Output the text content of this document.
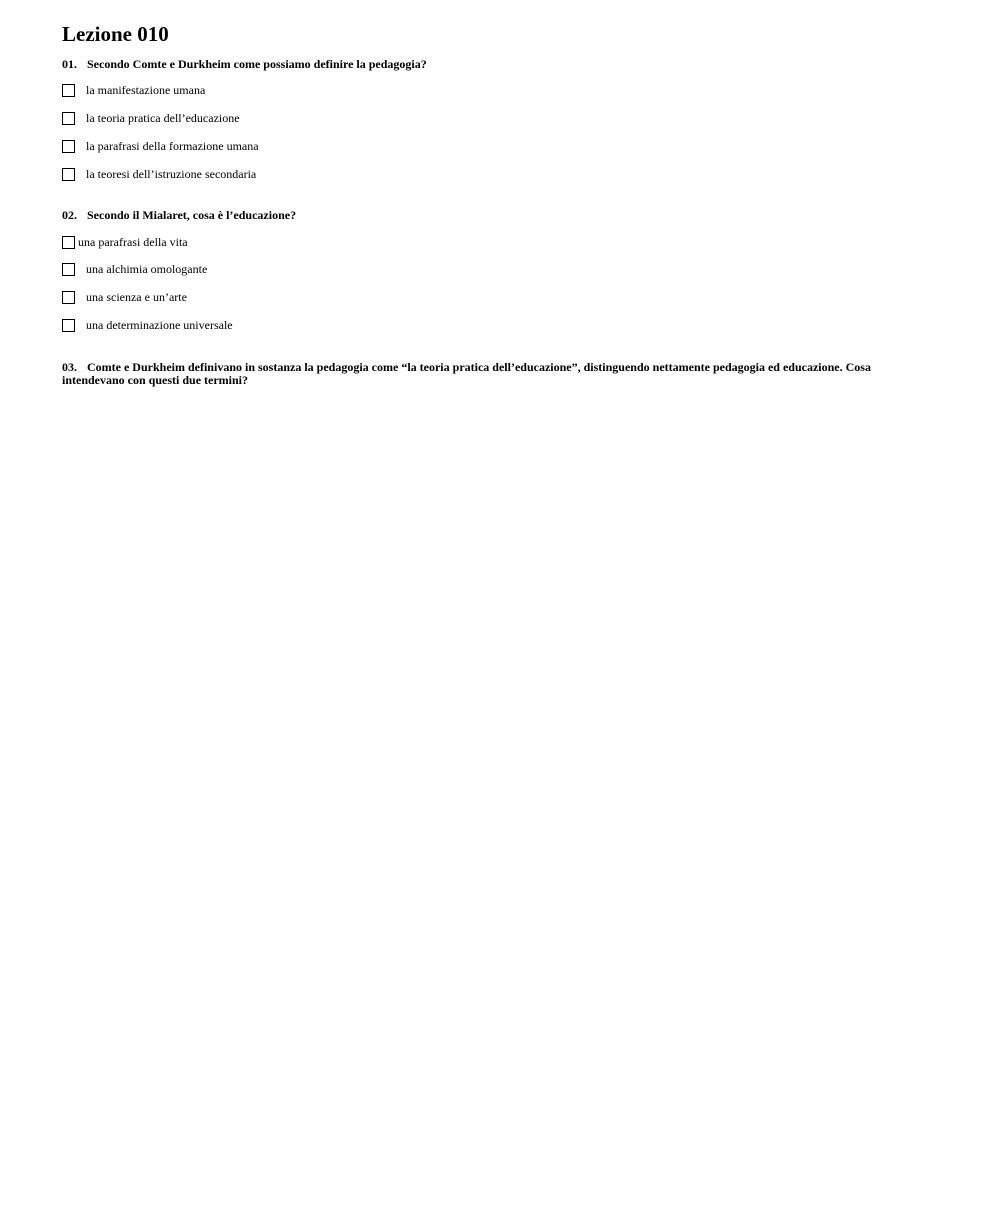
Lezione 010

01. Secondo Comte e Durkheim come possiamo definire la pedagogia?

la manifestazione umana
la teoria pratica dell’educazione
la parafrasi della formazione umana
la teoresi dell’istruzione secondaria

02. Secondo il Mialaret, cosa è l’educazione?

una parafrasi della vita
una alchimia omologante
una scienza e un’arte
una determinazione universale

03. Comte e Durkheim definivano in sostanza la pedagogia come “la teoria pratica dell’educazione”, distinguendo nettamente pedagogia ed educazione. Cosa intendevano con questi due termini?
